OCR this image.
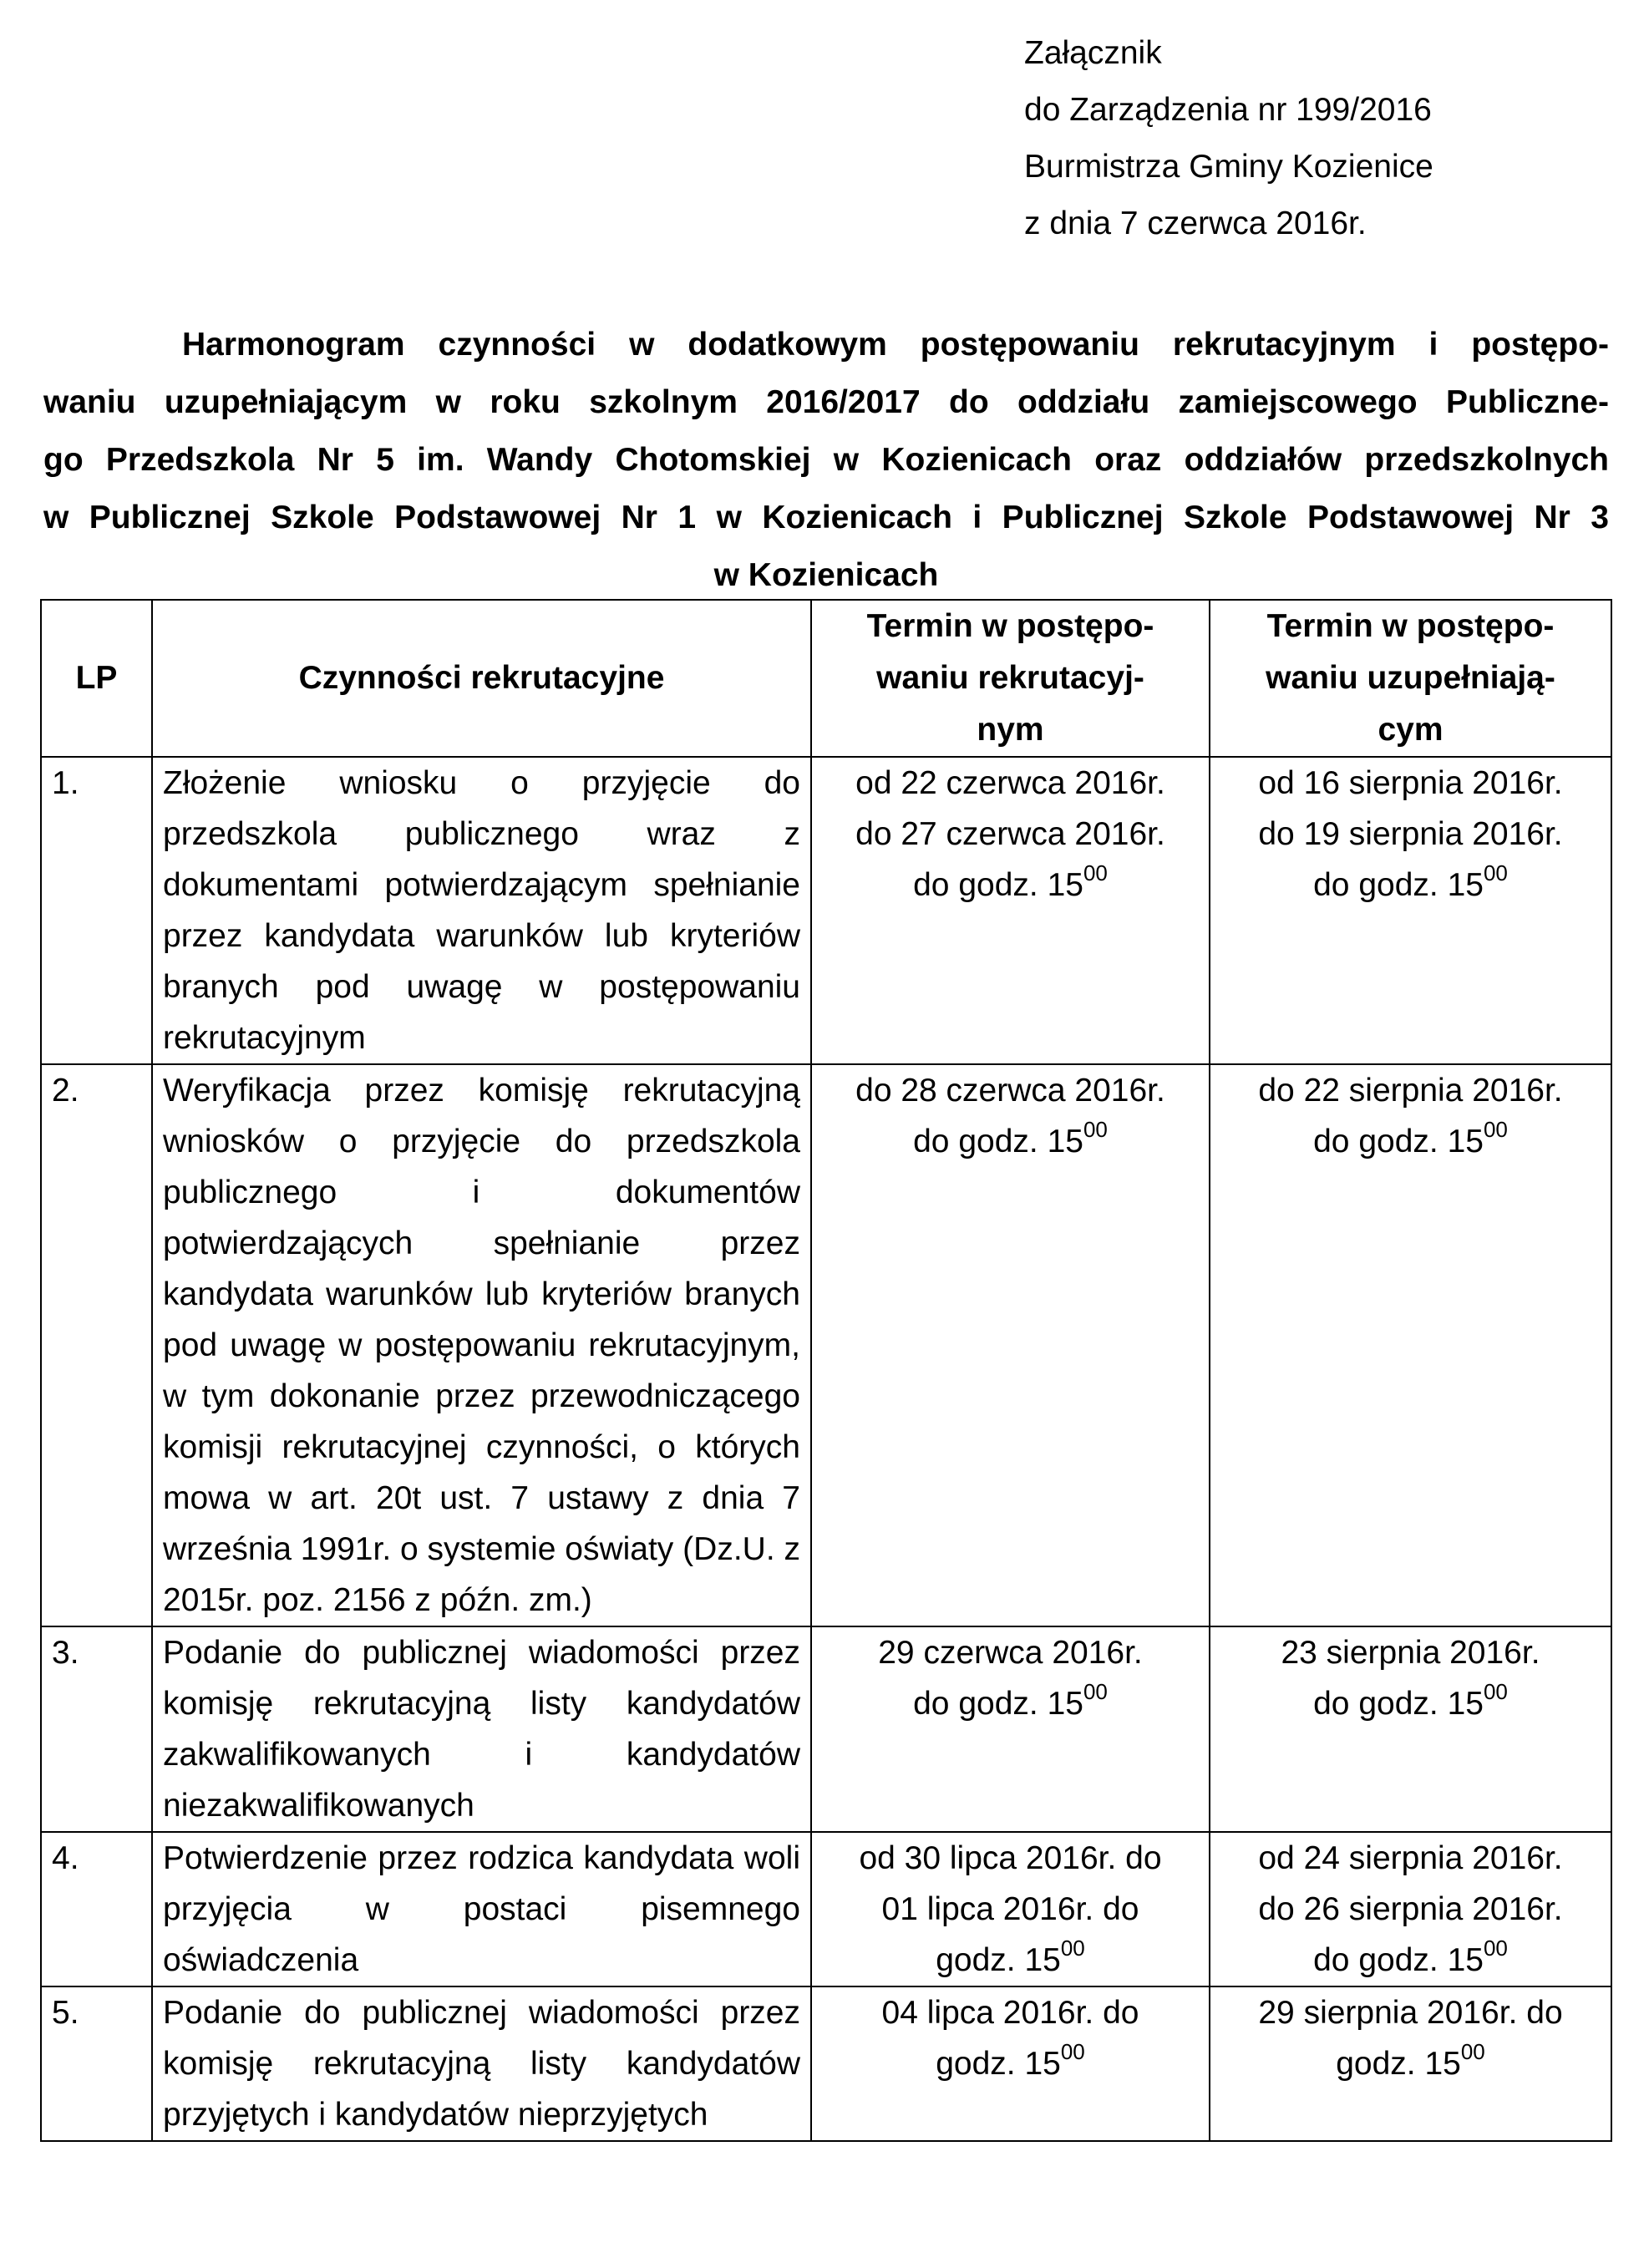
Załącznik
do Zarządzenia nr 199/2016
Burmistrza Gminy Kozienice
z dnia 7 czerwca 2016r.
Harmonogram czynności w dodatkowym postępowaniu rekrutacyjnym i postępo-
waniu uzupełniającym w roku szkolnym 2016/2017 do oddziału zamiejscowego Publiczne-
go Przedszkola Nr 5 im. Wandy Chotomskiej w Kozienicach oraz oddziałów przedszkolnych
w Publicznej Szkole Podstawowej Nr 1 w Kozienicach i Publicznej Szkole Podstawowej Nr 3
w Kozienicach
LP	Czynności rekrutacyjne	Termin w postępo-
waniu rekrutacyj-
nym	Termin w postępo-
waniu uzupełniają-
cym

1.	Złożenie wniosku o przyjęcie do przedszkola publicznego wraz z dokumentami potwierdzającym spełnianie przez kandydata warunków lub kryteriów branych pod uwagę w postępowaniu rekrutacyjnym	od 22 czerwca 2016r.
do 27 czerwca 2016r.
do godz. $15^{00}$	od 16 sierpnia 2016r.
do 19 sierpnia 2016r.
do godz. $15^{00}$

2.	Weryfikacja przez komisję rekrutacyjną wniosków o przyjęcie do przedszkola publicznego i dokumentów potwierdzających spełnianie przez kandydata warunków lub kryteriów branych pod uwagę w postępowaniu rekrutacyjnym, w tym dokonanie przez przewodniczącego komisji rekrutacyjnej czynności, o których mowa w art. 20t ust. 7 ustawy z dnia 7 września 1991r. o systemie oświaty (Dz.U. z 2015r. poz. 2156 z późn. zm.)	do 28 czerwca 2016r.
do godz. $15^{00}$	do 22 sierpnia 2016r.
do godz. $15^{00}$

3.	Podanie do publicznej wiadomości przez komisję rekrutacyjną listy kandydatów zakwalifikowanych i kandydatów niezakwalifikowanych	29 czerwca 2016r.
do godz. $15^{00}$	23 sierpnia 2016r.
do godz. $15^{00}$

4.	Potwierdzenie przez rodzica kandydata woli przyjęcia w postaci pisemnego oświadczenia	od 30 lipca 2016r. do
01 lipca 2016r. do
godz. $15^{00}$	od 24 sierpnia 2016r.
do 26 sierpnia 2016r.
do godz. $15^{00}$

5.	Podanie do publicznej wiadomości przez komisję rekrutacyjną listy kandydatów przyjętych i kandydatów nieprzyjętych	04 lipca 2016r. do
godz. $15^{00}$	29 sierpnia 2016r. do
godz. $15^{00}$
